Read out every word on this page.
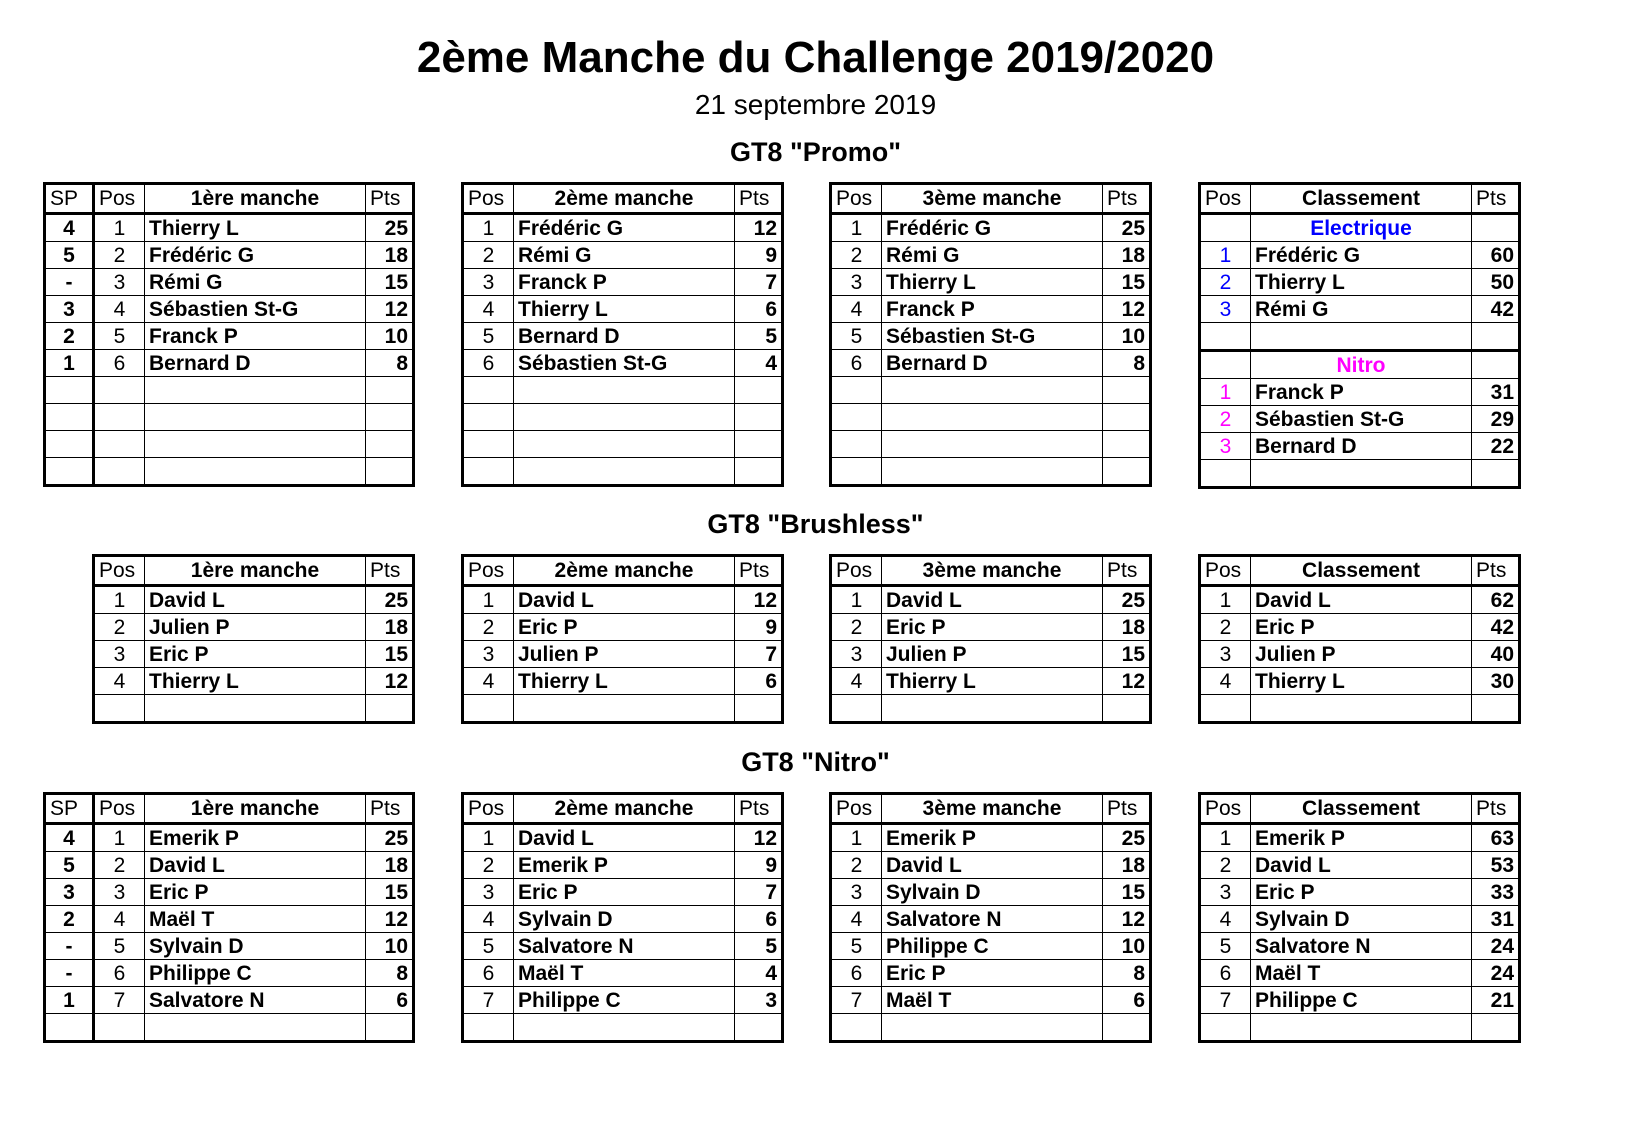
2ème Manche du Challenge 2019/2020
21 septembre 2019
GT8 "Promo"
SP	Pos	1ère manche	Pts
4	1	Thierry L	25
5	2	Frédéric G	18
-	3	Rémi G	15
3	4	Sébastien St-G	12
2	5	Franck P	10
1	6	Bernard D	8

Pos	2ème manche	Pts
1	Frédéric G	12
2	Rémi G	9
3	Franck P	7
4	Thierry L	6
5	Bernard D	5
6	Sébastien St-G	4

Pos	3ème manche	Pts
1	Frédéric G	25
2	Rémi G	18
3	Thierry L	15
4	Franck P	12
5	Sébastien St-G	10
6	Bernard D	8

Pos	Classement	Pts
	Electrique	
1	Frédéric G	60
2	Thierry L	50
3	Rémi G	42

	Nitro	
1	Franck P	31
2	Sébastien St-G	29
3	Bernard D	22

GT8 "Brushless"
Pos	1ère manche	Pts
1	David L	25
2	Julien P	18
3	Eric P	15
4	Thierry L	12

Pos	2ème manche	Pts
1	David L	12
2	Eric P	9
3	Julien P	7
4	Thierry L	6

Pos	3ème manche	Pts
1	David L	25
2	Eric P	18
3	Julien P	15
4	Thierry L	12

Pos	Classement	Pts
1	David L	62
2	Eric P	42
3	Julien P	40
4	Thierry L	30

GT8 "Nitro"
SP	Pos	1ère manche	Pts
4	1	Emerik P	25
5	2	David L	18
3	3	Eric P	15
2	4	Maël T	12
-	5	Sylvain D	10
-	6	Philippe C	8
1	7	Salvatore N	6

Pos	2ème manche	Pts
1	David L	12
2	Emerik P	9
3	Eric P	7
4	Sylvain D	6
5	Salvatore N	5
6	Maël T	4
7	Philippe C	3

Pos	3ème manche	Pts
1	Emerik P	25
2	David L	18
3	Sylvain D	15
4	Salvatore N	12
5	Philippe C	10
6	Eric P	8
7	Maël T	6

Pos	Classement	Pts
1	Emerik P	63
2	David L	53
3	Eric P	33
4	Sylvain D	31
5	Salvatore N	24
6	Maël T	24
7	Philippe C	21
